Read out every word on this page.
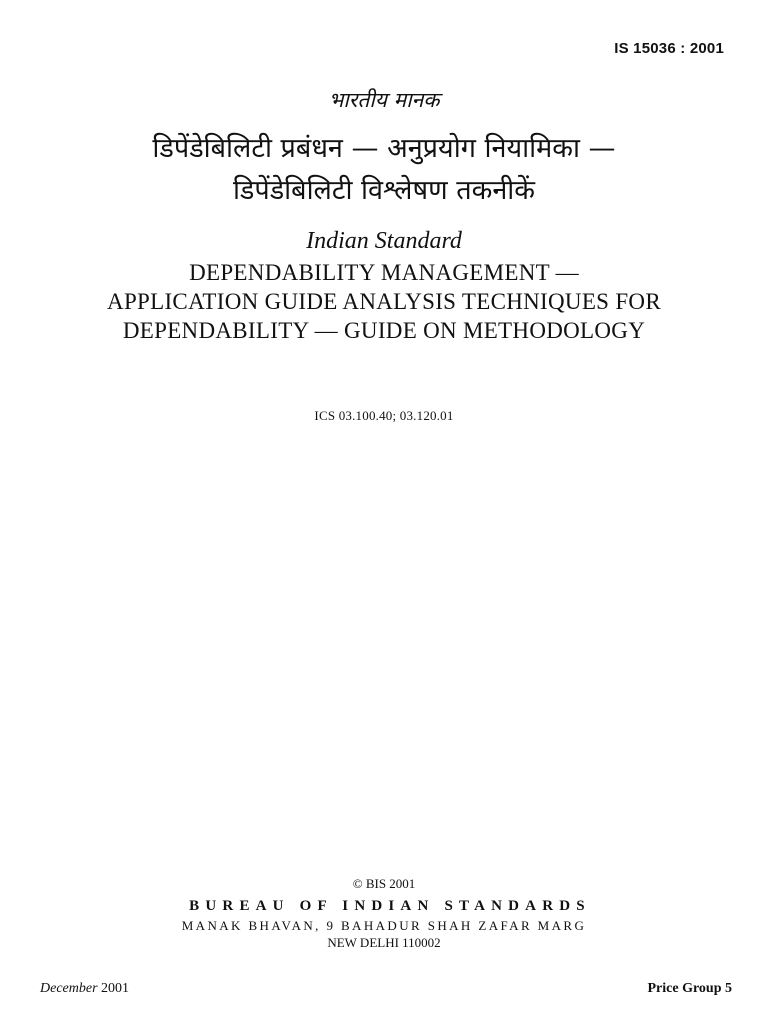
IS 15036 : 2001
भारतीय मानक
डिपेंडेबिलिटी प्रबंधन — अनुप्रयोग नियामिका —
डिपेंडेबिलिटी विश्लेषण तकनीकें
Indian Standard
DEPENDABILITY MANAGEMENT —
APPLICATION GUIDE ANALYSIS TECHNIQUES FOR
DEPENDABILITY — GUIDE ON METHODOLOGY
ICS 03.100.40; 03.120.01
© BIS 2001
BUREAU OF INDIAN STANDARDS
MANAK BHAVAN, 9 BAHADUR SHAH ZAFAR MARG
NEW DELHI 110002
December 2001	Price Group 5
